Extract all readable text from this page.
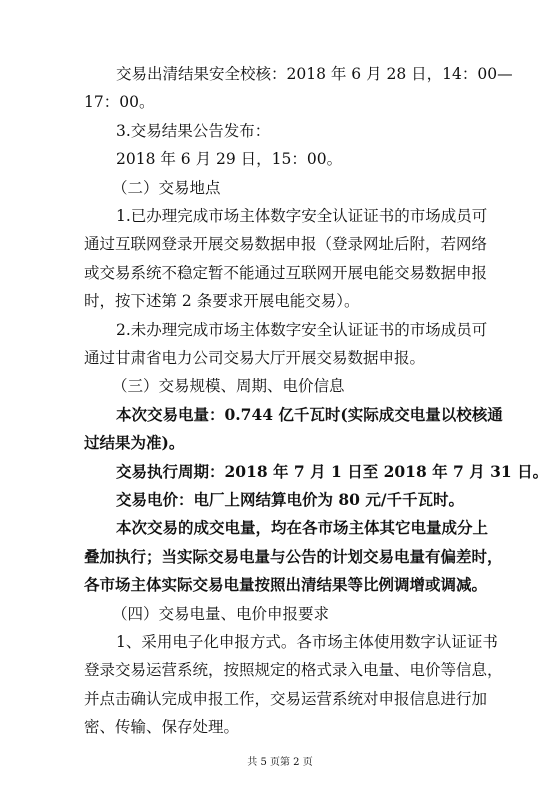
交易出清结果安全校核：2018 年 6 月 28 日，14：00—
17：00。
3.交易结果公告发布：
2018 年 6 月 29 日，15：00。
（二）交易地点
1.已办理完成市场主体数字安全认证证书的市场成员可
通过互联网登录开展交易数据申报（登录网址后附，若网络
或交易系统不稳定暂不能通过互联网开展电能交易数据申报
时，按下述第 2 条要求开展电能交易）。
2.未办理完成市场主体数字安全认证证书的市场成员可
通过甘肃省电力公司交易大厅开展交易数据申报。
（三）交易规模、周期、电价信息
本次交易电量：0.744 亿千瓦时(实际成交电量以校核通
过结果为准)。
交易执行周期：2018 年 7 月 1 日至 2018 年 7 月 31 日。
交易电价：电厂上网结算电价为 80 元/千千瓦时。
本次交易的成交电量，均在各市场主体其它电量成分上
叠加执行；当实际交易电量与公告的计划交易电量有偏差时，
各市场主体实际交易电量按照出清结果等比例调增或调减。
（四）交易电量、电价申报要求
1、采用电子化申报方式。各市场主体使用数字认证证书
登录交易运营系统，按照规定的格式录入电量、电价等信息，
并点击确认完成申报工作，交易运营系统对申报信息进行加
密、传输、保存处理。
共 5 页第 2 页
